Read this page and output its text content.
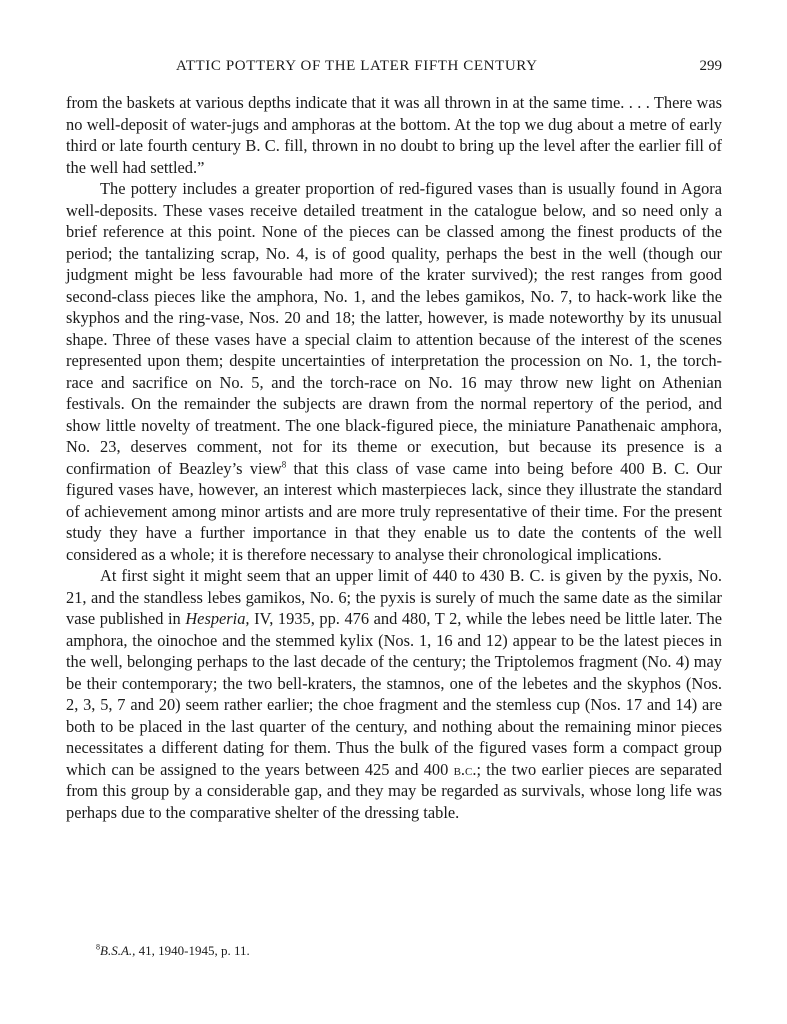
ATTIC POTTERY OF THE LATER FIFTH CENTURY	299

from the baskets at various depths indicate that it was all thrown in at the same time. . . . There was no well-deposit of water-jugs and amphoras at the bottom. At the top we dug about a metre of early third or late fourth century B. C. fill, thrown in no doubt to bring up the level after the earlier fill of the well had settled.”

The pottery includes a greater proportion of red-figured vases than is usually found in Agora well-deposits. These vases receive detailed treatment in the catalogue below, and so need only a brief reference at this point. None of the pieces can be classed among the finest products of the period; the tantalizing scrap, No. 4, is of good quality, perhaps the best in the well (though our judgment might be less favourable had more of the krater survived); the rest ranges from good second-class pieces like the amphora, No. 1, and the lebes gamikos, No. 7, to hack-work like the skyphos and the ring-vase, Nos. 20 and 18; the latter, however, is made noteworthy by its unusual shape. Three of these vases have a special claim to attention because of the interest of the scenes represented upon them; despite uncertainties of interpretation the procession on No. 1, the torch-race and sacrifice on No. 5, and the torch-race on No. 16 may throw new light on Athenian festivals. On the remainder the subjects are drawn from the normal repertory of the period, and show little novelty of treatment. The one black-figured piece, the miniature Panathenaic amphora, No. 23, deserves comment, not for its theme or execution, but because its presence is a confirmation of Beazley’s view$^8$ that this class of vase came into being before 400 B. C. Our figured vases have, however, an interest which masterpieces lack, since they illustrate the standard of achievement among minor artists and are more truly representative of their time. For the present study they have a further importance in that they enable us to date the contents of the well considered as a whole; it is therefore necessary to analyse their chronological implications.

At first sight it might seem that an upper limit of 440 to 430 B. C. is given by the pyxis, No. 21, and the standless lebes gamikos, No. 6; the pyxis is surely of much the same date as the similar vase published in Hesperia, IV, 1935, pp. 476 and 480, T 2, while the lebes need be little later. The amphora, the oinochoe and the stemmed kylix (Nos. 1, 16 and 12) appear to be the latest pieces in the well, belonging perhaps to the last decade of the century; the Triptolemos fragment (No. 4) may be their contemporary; the two bell-kraters, the stamnos, one of the lebetes and the skyphos (Nos. 2, 3, 5, 7 and 20) seem rather earlier; the choe fragment and the stemless cup (Nos. 17 and 14) are both to be placed in the last quarter of the century, and nothing about the remaining minor pieces necessitates a different dating for them. Thus the bulk of the figured vases form a compact group which can be assigned to the years between 425 and 400 b.c.; the two earlier pieces are separated from this group by a considerable gap, and they may be regarded as survivals, whose long life was perhaps due to the comparative shelter of the dressing table.

$^8$B.S.A., 41, 1940-1945, p. 11.
